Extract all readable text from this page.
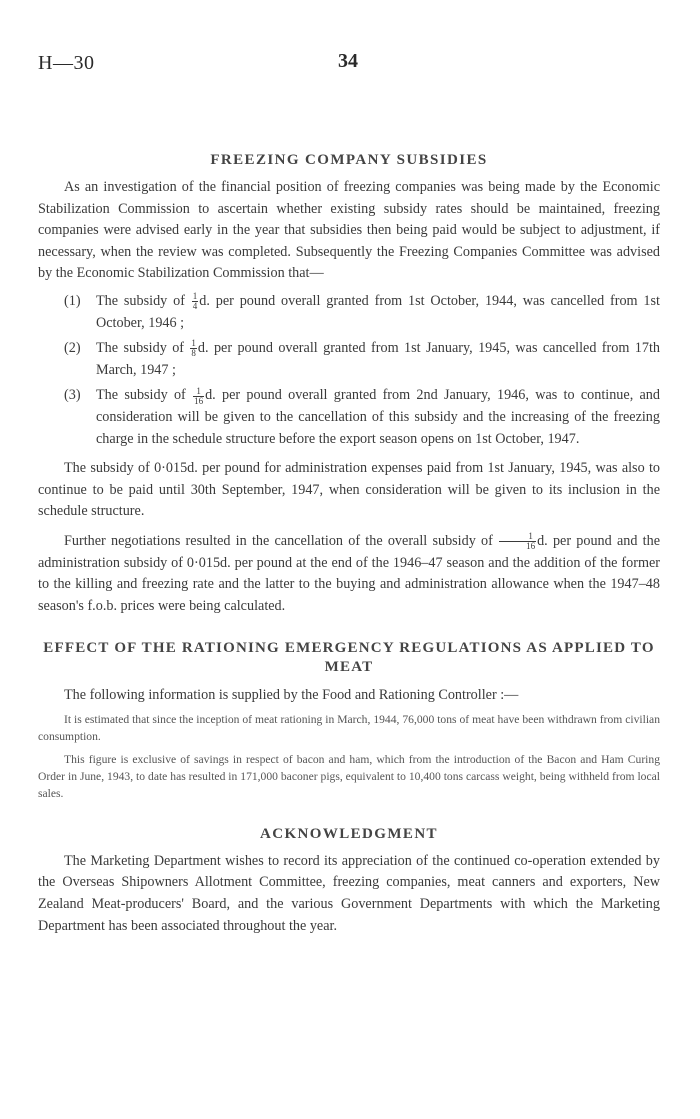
H—30	34
FREEZING COMPANY SUBSIDIES

As an investigation of the financial position of freezing companies was being made by the Economic Stabilization Commission to ascertain whether existing subsidy rates should be maintained, freezing companies were advised early in the year that subsidies then being paid would be subject to adjustment, if necessary, when the review was completed. Subsequently the Freezing Companies Committee was advised by the Economic Stabilization Commission that—

(1) The subsidy of $\frac{1}{4} d$. per pound overall granted from 1st October, 1944, was cancelled from 1st October, 1946 ;
(2) The subsidy of $\frac{1}{8} d$. per pound overall granted from 1st January, 1945, was cancelled from 17th March, 1947 ;
(3) The subsidy of $\frac{1}{16} d$. per pound overall granted from 2nd January, 1946, was to continue, and consideration will be given to the cancellation of this subsidy and the increasing of the freezing charge in the schedule structure before the export season opens on 1st October, 1947.

The subsidy of 0·015d. per pound for administration expenses paid from 1st January, 1945, was also to continue to be paid until 30th September, 1947, when consideration will be given to its inclusion in the schedule structure.

Further negotiations resulted in the cancellation of the overall subsidy of $\frac{1}{16} d$. per pound and the administration subsidy of 0·015d. per pound at the end of the 1946–47 season and the addition of the former to the killing and freezing rate and the latter to the buying and administration allowance when the 1947–48 season's f.o.b. prices were being calculated.

EFFECT OF THE RATIONING EMERGENCY REGULATIONS AS APPLIED TO MEAT

The following information is supplied by the Food and Rationing Controller :—

It is estimated that since the inception of meat rationing in March, 1944, 76,000 tons of meat have been withdrawn from civilian consumption.

This figure is exclusive of savings in respect of bacon and ham, which from the introduction of the Bacon and Ham Curing Order in June, 1943, to date has resulted in 171,000 baconer pigs, equivalent to 10,400 tons carcass weight, being withheld from local sales.

ACKNOWLEDGMENT

The Marketing Department wishes to record its appreciation of the continued co-operation extended by the Overseas Shipowners Allotment Committee, freezing companies, meat canners and exporters, New Zealand Meat-producers' Board, and the various Government Departments with which the Marketing Department has been associated throughout the year.
